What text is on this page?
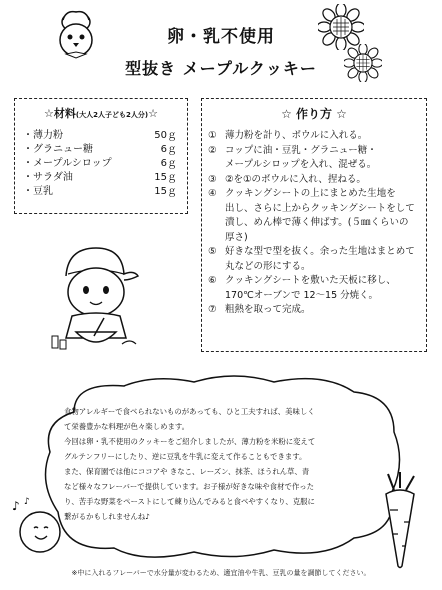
♪ ♪
卵・乳不使用
型抜き メープルクッキー
☆材料(大人2人子ども2人分)☆
・薄力粉	50ｇ
・グラニュー糖	6ｇ
・メープルシロップ	6ｇ
・サラダ油	15ｇ
・豆乳	15ｇ
☆ 作り方 ☆
① 薄力粉を計り、ボウルに入れる。
② コップに油・豆乳・グラニュー糖・
メープルシロップを入れ、混ぜる。
③ ②を①のボウルに入れ、捏ねる。
④ クッキングシートの上にまとめた生地を
出し、さらに上からクッキングシートをして
潰し、めん棒で薄く伸ばす。(５㎜くらいの
厚さ)
⑤ 好きな型で型を抜く。余った生地はまとめて
丸などの形にする。
⑥ クッキングシートを敷いた天板に移し、
170℃オーブンで 12～15 分焼く。
⑦ 粗熱を取って完成。
食物アレルギーで食べられないものがあっても、ひと工夫すれば、美味しく
て栄養豊かな料理が色々楽しめます。
今回は卵・乳不使用のクッキーをご紹介しましたが、薄力粉を米粉に変えて
グルテンフリーにしたり、逆に豆乳を牛乳に変えて作ることもできます。
また、保育園では他にココアや きなこ、レーズン、抹茶、ほうれん草、青
など様々なフレーバーで提供しています。お子様が好きな味や食材で作った
り、苦手な野菜をペーストにして練り込んでみると食べやすくなり、克服に
繋がるかもしれませんね♪
※中に入れるフレーバーで水分量が変わるため、適宜油や牛乳、豆乳の量を調節してください。
